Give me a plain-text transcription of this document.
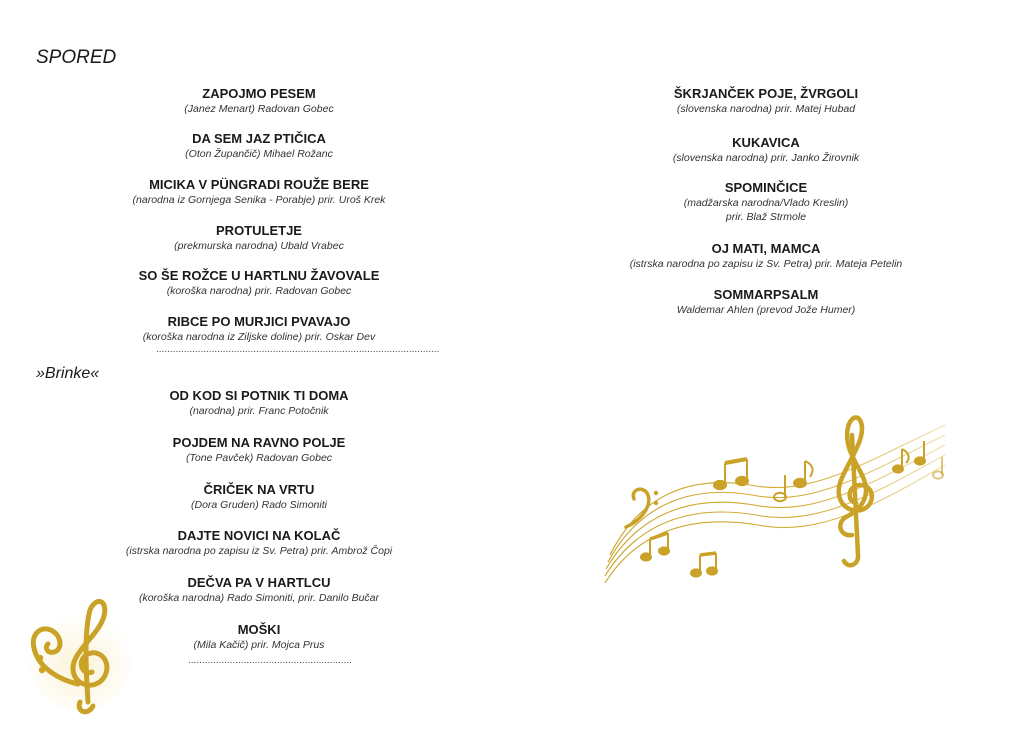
SPORED
ZAPOJMO PESEM
(Janez Menart) Radovan Gobec
DA SEM JAZ PTIČICA
(Oton Župančič) Mihael Rožanc
MICIKA V PÜNGRADI ROUŽE BERE
(narodna iz Gornjega Senika - Porabje) prir. Uroš Krek
PROTULETJE
(prekmurska narodna) Ubald Vrabec
SO ŠE ROŽCE U HARTLNU ŽAVOVALE
(koroška narodna) prir. Radovan Gobec
RIBCE PO MURJICI PVAVAJO
(koroška narodna iz Ziljske doline) prir. Oskar Dev
......................................................................................................
»Brinke«
OD KOD SI POTNIK TI DOMA
(narodna) prir. Franc Potočnik
POJDEM NA RAVNO POLJE
(Tone Pavček) Radovan Gobec
ČRIČEK NA VRTU
(Dora Gruden) Rado Simoniti
DAJTE NOVICI NA KOLAČ
(istrska narodna po zapisu iz Sv. Petra) prir. Ambrož Čopi
DEČVA PA V HARTLCU
(koroška narodna) Rado Simoniti, prir. Danilo Bučar
MOŠKI
(Mila Kačič) prir. Mojca Prus
...........................................................
ŠKRJANČEK POJE, ŽVRGOLI
(slovenska narodna) prir. Matej Hubad
KUKAVICA
(slovenska narodna) prir. Janko Žirovnik
SPOMINČICE
(madžarska narodna/Vlado Kreslin)
prir. Blaž Strmole
OJ MATI, MAMCA
(istrska narodna po zapisu iz Sv. Petra) prir. Mateja Petelin
SOMMARPSALM
Waldemar Ahlen (prevod Jože Humer)
